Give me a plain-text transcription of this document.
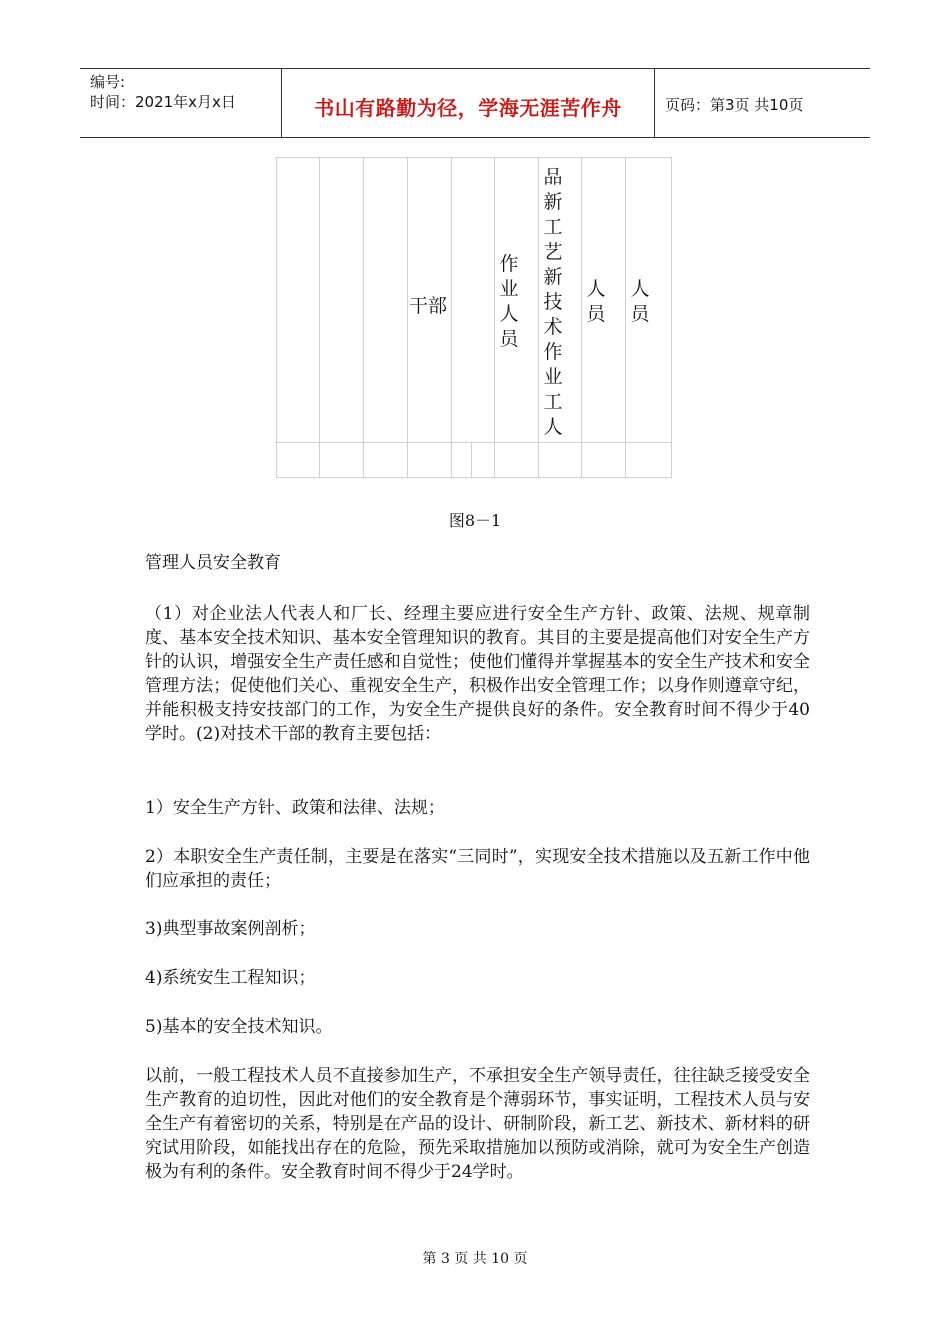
编号:
时间：2021年x月x日	书山有路勤为径，学海无涯苦作舟	页码：第3页 共10页
干部
作业人员
品新工艺新技术作业工人
人员
人员
图8－1
管理人员安全教育
（1）对企业法人代表人和厂长、经理主要应进行安全生产方针、政策、法规、规章制度、基本安全技术知识、基本安全管理知识的教育。其目的主要是提高他们对安全生产方针的认识，增强安全生产责任感和自觉性；使他们懂得并掌握基本的安全生产技术和安全管理方法；促使他们关心、重视安全生产，积极作出安全管理工作；以身作则遵章守纪，并能积极支持安技部门的工作，为安全生产提供良好的条件。安全教育时间不得少于40学时。(2)对技术干部的教育主要包括：
1）安全生产方针、政策和法律、法规；
2）本职安全生产责任制，主要是在落实“三同时”，实现安全技术措施以及五新工作中他们应承担的责任；
3)典型事故案例剖析；
4)系统安生工程知识；
5)基本的安全技术知识。
以前，一般工程技术人员不直接参加生产，不承担安全生产领导责任，往往缺乏接受安全生产教育的迫切性，因此对他们的安全教育是个薄弱环节，事实证明，工程技术人员与安全生产有着密切的关系，特别是在产品的设计、研制阶段，新工艺、新技术、新材料的研究试用阶段，如能找出存在的危险，预先采取措施加以预防或消除，就可为安全生产创造极为有利的条件。安全教育时间不得少于24学时。
第 3 页 共 10 页
